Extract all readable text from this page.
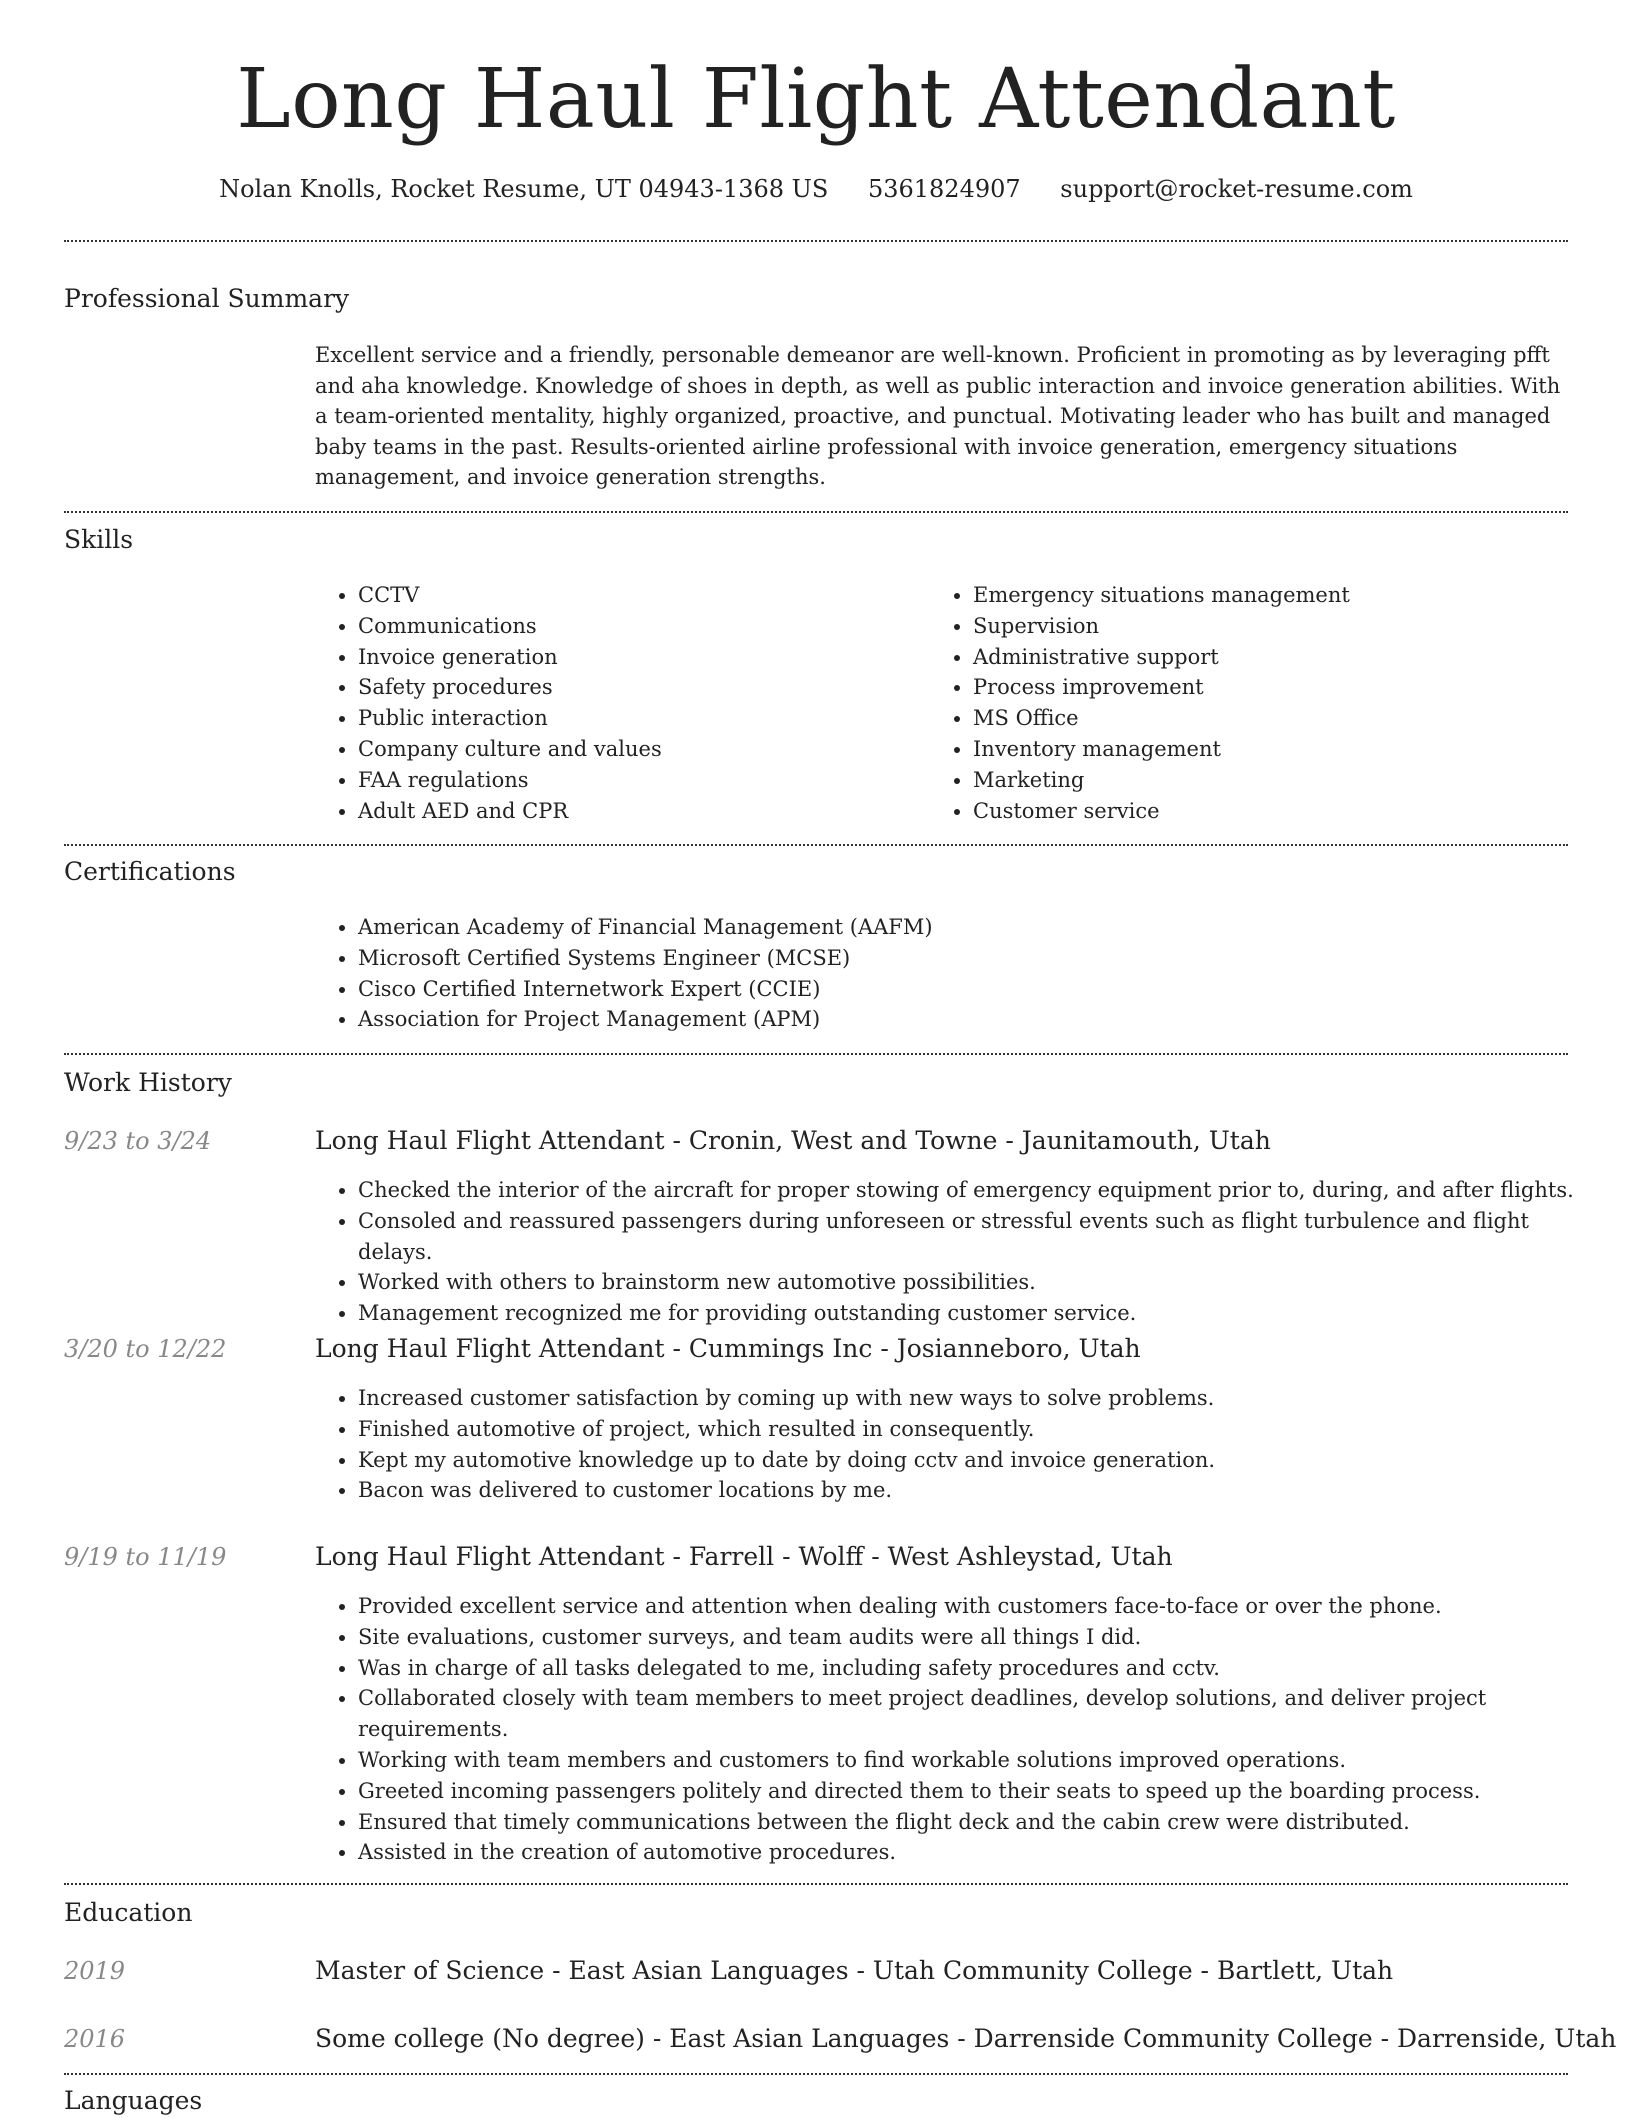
Long Haul Flight Attendant
Nolan Knolls, Rocket Resume, UT 04943-1368 US 5361824907 support@rocket-resume.com
Professional Summary

Excellent service and a friendly, personable demeanor are well-known. Proficient in promoting as by leveraging pfft and aha knowledge. Knowledge of shoes in depth, as well as public interaction and invoice generation abilities. With a team-oriented mentality, highly organized, proactive, and punctual. Motivating leader who has built and managed baby teams in the past. Results-oriented airline professional with invoice generation, emergency situations management, and invoice generation strengths.

Skills
• CCTV
• Communications
• Invoice generation
• Safety procedures
• Public interaction
• Company culture and values
• FAA regulations
• Adult AED and CPR
• Emergency situations management
• Supervision
• Administrative support
• Process improvement
• MS Office
• Inventory management
• Marketing
• Customer service
Certifications
• American Academy of Financial Management (AAFM)
• Microsoft Certified Systems Engineer (MCSE)
• Cisco Certified Internetwork Expert (CCIE)
• Association for Project Management (APM)
Work History
9/23 to 3/24	Long Haul Flight Attendant - Cronin, West and Towne - Jaunitamouth, Utah
• Checked the interior of the aircraft for proper stowing of emergency equipment prior to, during, and after flights.
• Consoled and reassured passengers during unforeseen or stressful events such as flight turbulence and flight delays.
• Worked with others to brainstorm new automotive possibilities.
• Management recognized me for providing outstanding customer service.
3/20 to 12/22	Long Haul Flight Attendant - Cummings Inc - Josianneboro, Utah
• Increased customer satisfaction by coming up with new ways to solve problems.
• Finished automotive of project, which resulted in consequently.
• Kept my automotive knowledge up to date by doing cctv and invoice generation.
• Bacon was delivered to customer locations by me.
9/19 to 11/19	Long Haul Flight Attendant - Farrell - Wolff - West Ashleystad, Utah
• Provided excellent service and attention when dealing with customers face-to-face or over the phone.
• Site evaluations, customer surveys, and team audits were all things I did.
• Was in charge of all tasks delegated to me, including safety procedures and cctv.
• Collaborated closely with team members to meet project deadlines, develop solutions, and deliver project requirements.
• Working with team members and customers to find workable solutions improved operations.
• Greeted incoming passengers politely and directed them to their seats to speed up the boarding process.
• Ensured that timely communications between the flight deck and the cabin crew were distributed.
• Assisted in the creation of automotive procedures.
Education
2019	Master of Science - East Asian Languages - Utah Community College - Bartlett, Utah
2016	Some college (No degree) - East Asian Languages - Darrenside Community College - Darrenside, Utah
Languages
